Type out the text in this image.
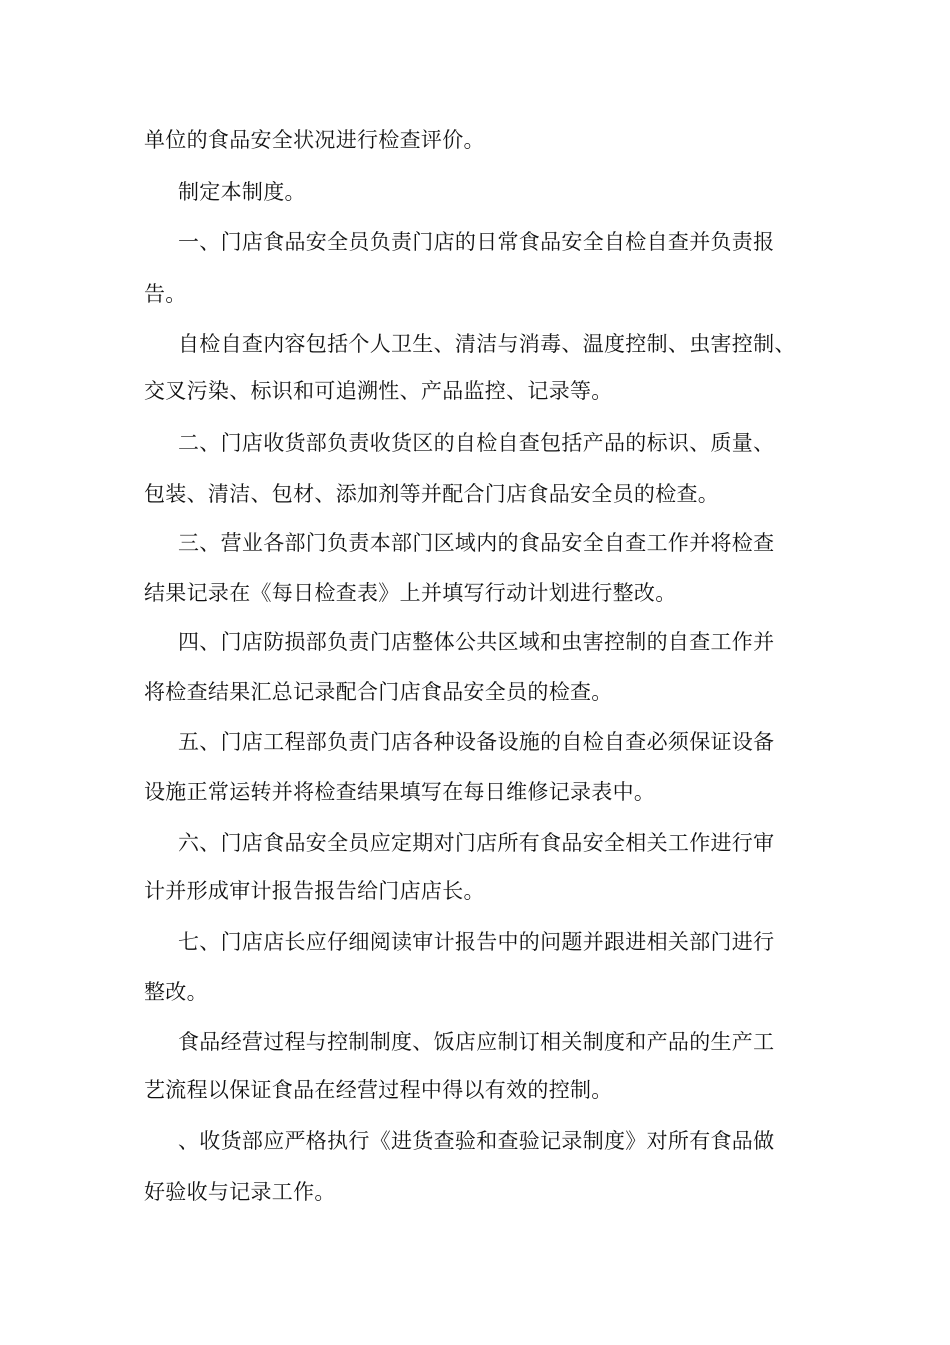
单位的食品安全状况进行检查评价。
制定本制度。
一、门店食品安全员负责门店的日常食品安全自检自查并负责报
告。
自检自查内容包括个人卫生、清洁与消毒、温度控制、虫害控制、
交叉污染、标识和可追溯性、产品监控、记录等。
二、门店收货部负责收货区的自检自查包括产品的标识、质量、
包装、清洁、包材、添加剂等并配合门店食品安全员的检查。
三、营业各部门负责本部门区域内的食品安全自查工作并将检查
结果记录在《每日检查表》上并填写行动计划进行整改。
四、门店防损部负责门店整体公共区域和虫害控制的自查工作并
将检查结果汇总记录配合门店食品安全员的检查。
五、门店工程部负责门店各种设备设施的自检自查必须保证设备
设施正常运转并将检查结果填写在每日维修记录表中。
六、门店食品安全员应定期对门店所有食品安全相关工作进行审
计并形成审计报告报告给门店店长。
七、门店店长应仔细阅读审计报告中的问题并跟进相关部门进行
整改。
食品经营过程与控制制度、饭店应制订相关制度和产品的生产工
艺流程以保证食品在经营过程中得以有效的控制。
、收货部应严格执行《进货查验和查验记录制度》对所有食品做
好验收与记录工作。
